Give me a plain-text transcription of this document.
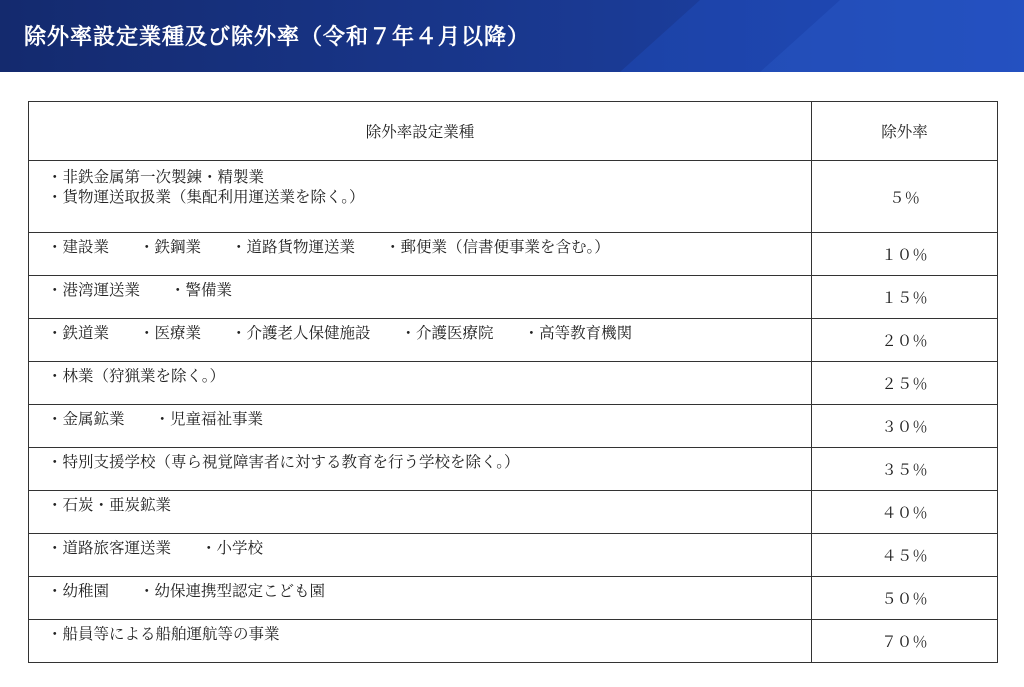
除外率設定業種及び除外率（令和７年４月以降）
除外率設定業種	除外率

・非鉄金属第一次製錬・精製業
・貨物運送取扱業（集配利用運送業を除く。）	５％

・建設業 ・鉄鋼業 ・道路貨物運送業 ・郵便業（信書便事業を含む。）	１０％

・港湾運送業 ・警備業	１５％

・鉄道業 ・医療業 ・介護老人保健施設 ・介護医療院 ・高等教育機関	２０％

・林業（狩猟業を除く。）	２５％

・金属鉱業 ・児童福祉事業	３０％

・特別支援学校（専ら視覚障害者に対する教育を行う学校を除く。）	３５％

・石炭・亜炭鉱業	４０％

・道路旅客運送業 ・小学校	４５％

・幼稚園 ・幼保連携型認定こども園	５０％

・船員等による船舶運航等の事業	７０％
